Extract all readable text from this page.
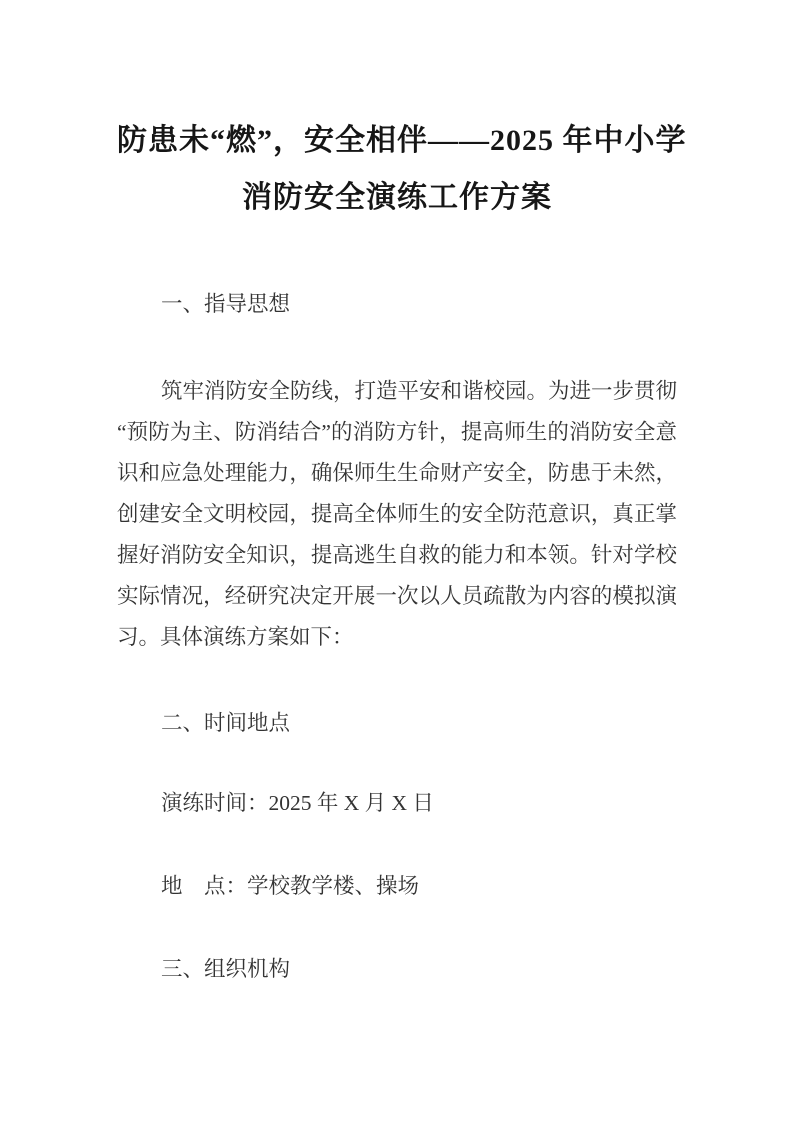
防患未“燃”，安全相伴——2025 年中小学
消防安全演练工作方案

一、指导思想

筑牢消防安全防线，打造平安和谐校园。为进一步贯彻“预防为主、防消结合”的消防方针，提高师生的消防安全意识和应急处理能力，确保师生生命财产安全，防患于未然，创建安全文明校园，提高全体师生的安全防范意识，真正掌握好消防安全知识，提高逃生自救的能力和本领。针对学校实际情况，经研究决定开展一次以人员疏散为内容的模拟演习。具体演练方案如下：

二、时间地点

演练时间：2025 年 X 月 X 日

地　点：学校教学楼、操场

三、组织机构
